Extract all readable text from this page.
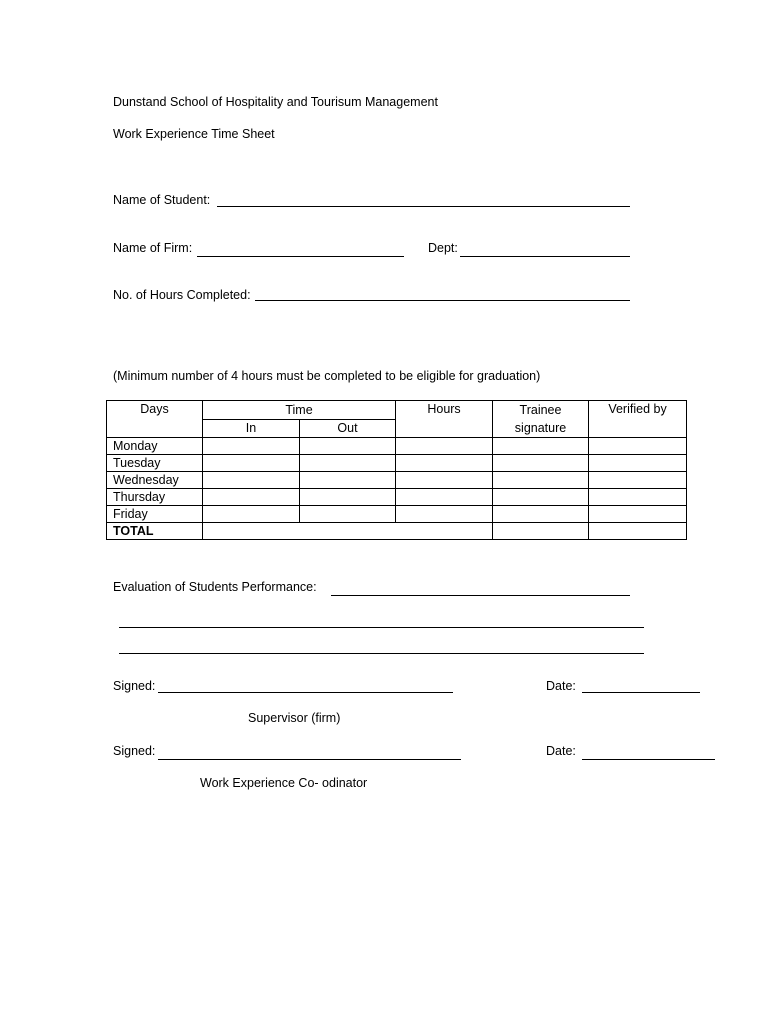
Dunstand School of Hospitality and Tourisum Management
Work Experience Time Sheet
Name of Student:
Name of Firm:	Dept:
No. of Hours Completed:
(Minimum number of 4 hours must be completed to be eligible for graduation)
Days	Time		Hours	Trainee signature	Verified by
	In	Out			
Monday					
Tuesday					
Wednesday					
Thursday					
Friday					
TOTAL					
Evaluation of Students Performance:
Signed:	Date:
Supervisor (firm)
Signed:	Date:
Work Experience Co- odinator
